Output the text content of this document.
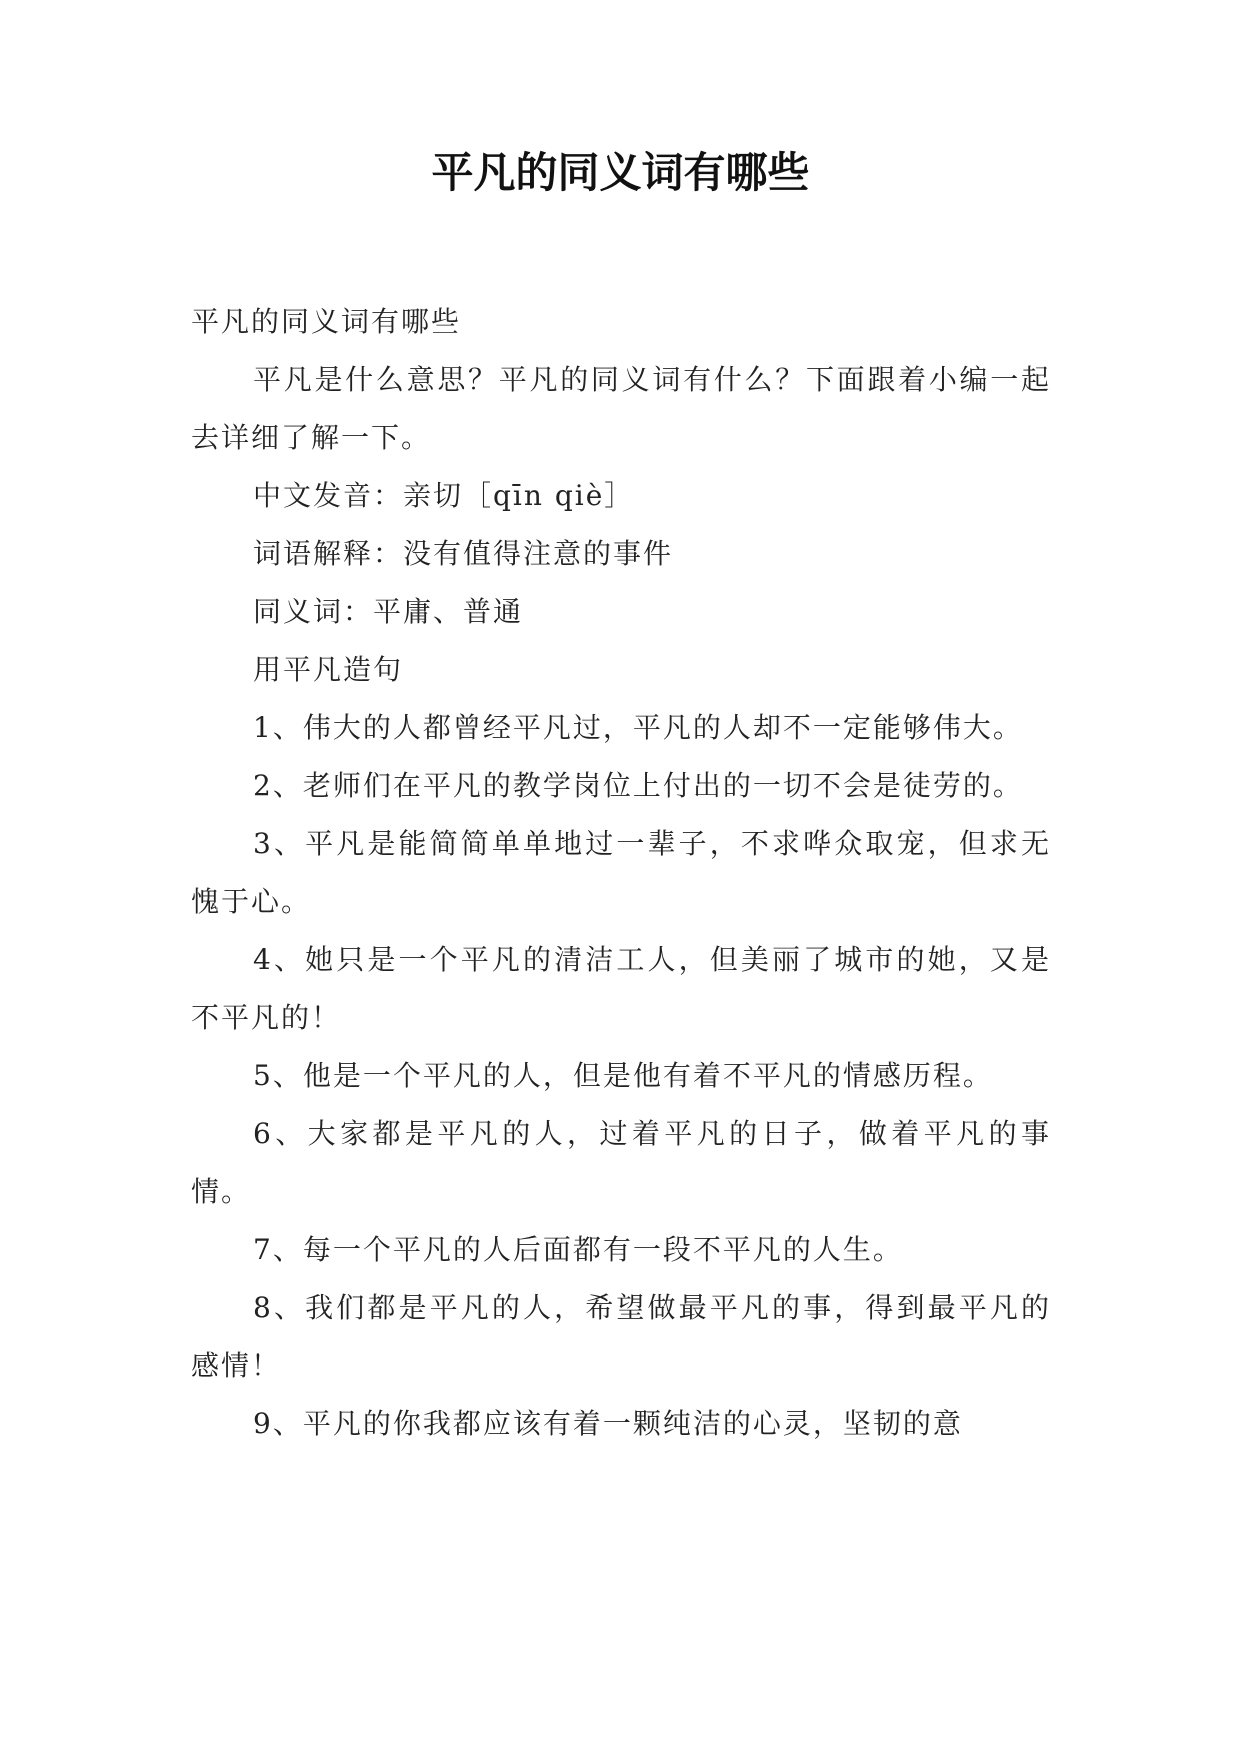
平凡的同义词有哪些

平凡的同义词有哪些

平凡是什么意思？平凡的同义词有什么？下面跟着小编一起去详细了解一下。

中文发音：亲切［qīn qiè］

词语解释：没有值得注意的事件

同义词：平庸、普通

用平凡造句

1、伟大的人都曾经平凡过，平凡的人却不一定能够伟大。

2、老师们在平凡的教学岗位上付出的一切不会是徒劳的。

3、平凡是能简简单单地过一辈子，不求哗众取宠，但求无愧于心。

4、她只是一个平凡的清洁工人，但美丽了城市的她，又是不平凡的！

5、他是一个平凡的人，但是他有着不平凡的情感历程。

6、大家都是平凡的人，过着平凡的日子，做着平凡的事情。

7、每一个平凡的人后面都有一段不平凡的人生。

8、我们都是平凡的人，希望做最平凡的事，得到最平凡的感情！

9、平凡的你我都应该有着一颗纯洁的心灵，坚韧的意
